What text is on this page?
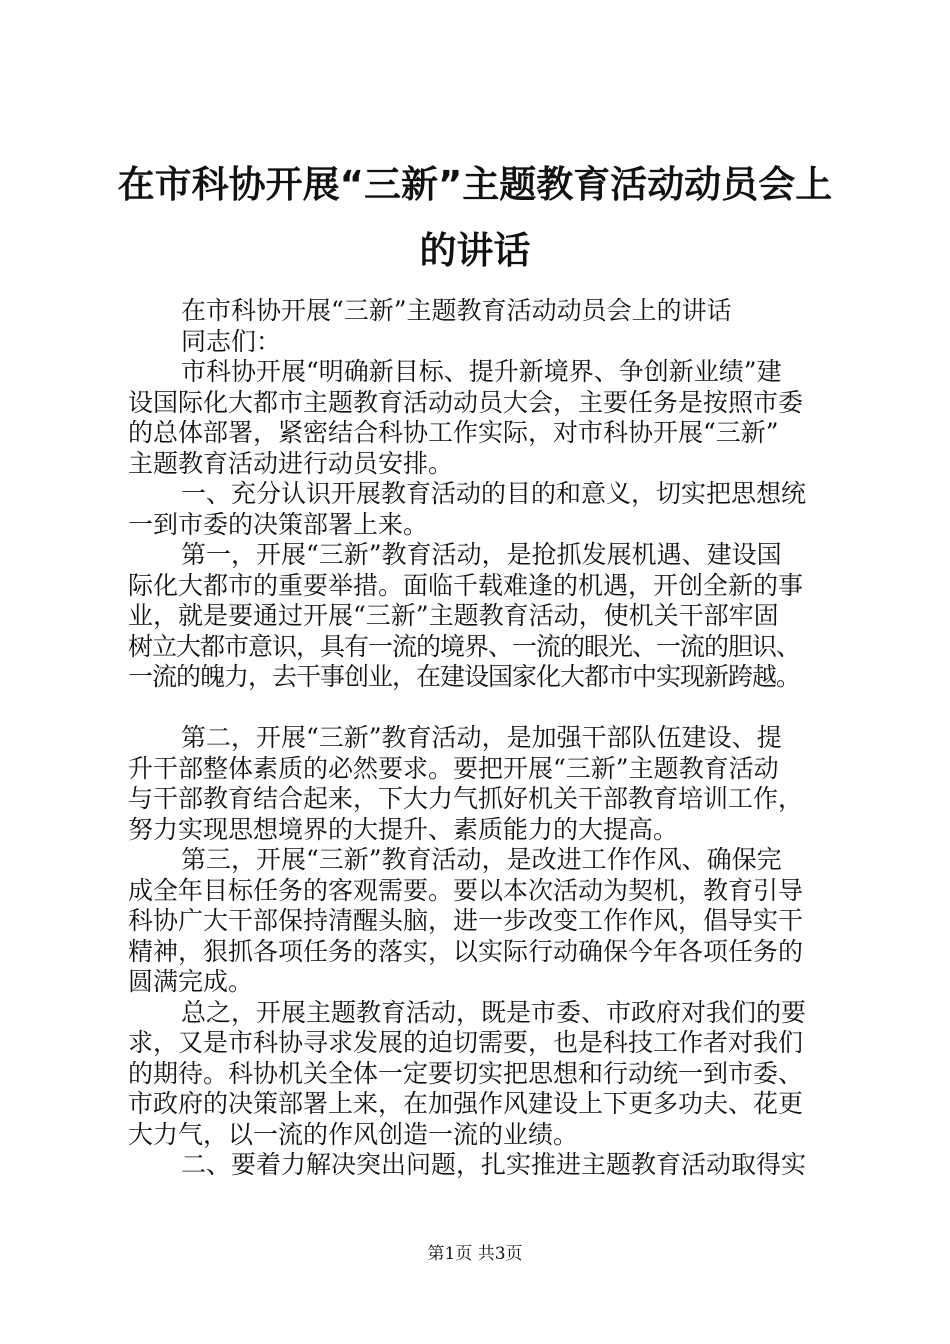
在市科协开展“三新”主题教育活动动员会上
的讲话
在市科协开展“三新”主题教育活动动员会上的讲话
同志们：
市科协开展“明确新目标、提升新境界、争创新业绩”建
设国际化大都市主题教育活动动员大会，主要任务是按照市委
的总体部署，紧密结合科协工作实际，对市科协开展“三新”
主题教育活动进行动员安排。
一、充分认识开展教育活动的目的和意义，切实把思想统
一到市委的决策部署上来。
第一，开展“三新”教育活动，是抢抓发展机遇、建设国
际化大都市的重要举措。面临千载难逢的机遇，开创全新的事
业，就是要通过开展“三新”主题教育活动，使机关干部牢固
树立大都市意识，具有一流的境界、一流的眼光、一流的胆识、
一流的魄力，去干事创业，在建设国家化大都市中实现新跨越。
第二，开展“三新”教育活动，是加强干部队伍建设、提
升干部整体素质的必然要求。要把开展“三新”主题教育活动
与干部教育结合起来，下大力气抓好机关干部教育培训工作，
努力实现思想境界的大提升、素质能力的大提高。
第三，开展“三新”教育活动，是改进工作作风、确保完
成全年目标任务的客观需要。要以本次活动为契机，教育引导
科协广大干部保持清醒头脑，进一步改变工作作风，倡导实干
精神，狠抓各项任务的落实，以实际行动确保今年各项任务的
圆满完成。
总之，开展主题教育活动，既是市委、市政府对我们的要
求，又是市科协寻求发展的迫切需要，也是科技工作者对我们
的期待。科协机关全体一定要切实把思想和行动统一到市委、
市政府的决策部署上来，在加强作风建设上下更多功夫、花更
大力气，以一流的作风创造一流的业绩。
二、要着力解决突出问题，扎实推进主题教育活动取得实
第1页 共3页
